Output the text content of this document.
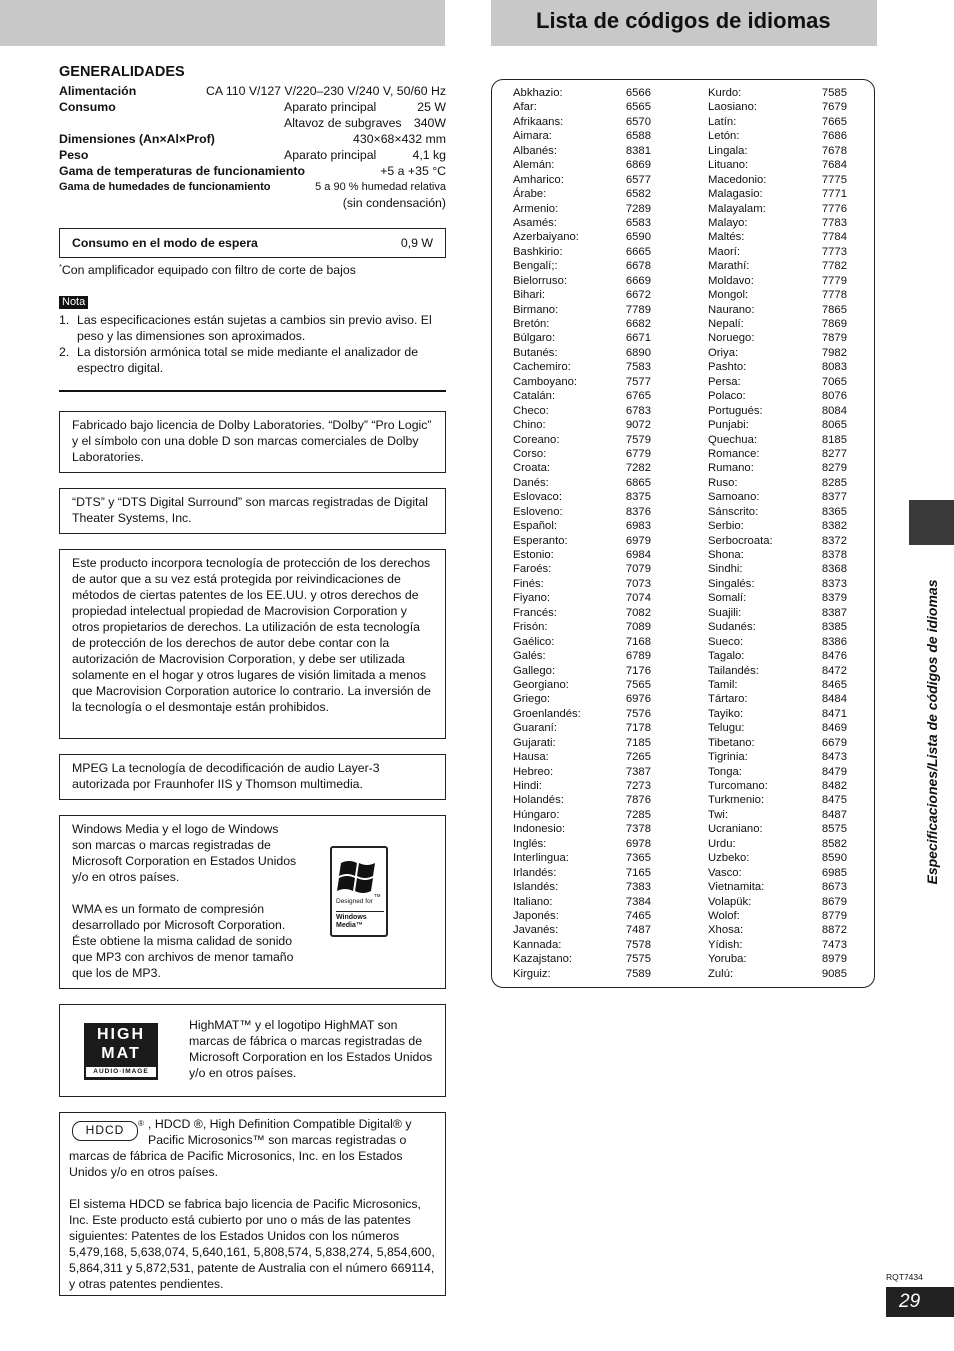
Lista de códigos de idiomas
GENERALIDADES
Alimentación	CA 110 V/127 V/220–230 V/240 V, 50/60 Hz
Consumo	Aparato principal	25 W
Altavoz de subgraves 340W
Dimensiones (An×Al×Prof)	430×68×432 mm
Peso	Aparato principal	4,1 kg
Gama de temperaturas de funcionamiento	+5 a +35 °C
Gama de humedades de funcionamiento	5 a 90 % humedad relativa
(sin condensación)
Consumo en el modo de espera	0,9 W
*Con amplificador equipado con filtro de corte de bajos
Nota
1. Las especificaciones están sujetas a cambios sin previo aviso. El peso y las dimensiones son aproximados.
2. La distorsión armónica total se mide mediante el analizador de espectro digital.
Fabricado bajo licencia de Dolby Laboratories. “Dolby” “Pro Logic” y el símbolo con una doble D son marcas comerciales de Dolby Laboratories.
“DTS” y “DTS Digital Surround” son marcas registradas de Digital Theater Systems, Inc.
Este producto incorpora tecnología de protección de los derechos de autor que a su vez está protegida por reivindicaciones de métodos de ciertas patentes de los EE.UU. y otros derechos de propiedad intelectual propiedad de Macrovision Corporation y otros propietarios de derechos. La utilización de esta tecnología de protección de los derechos de autor debe contar con la autorización de Macrovision Corporation, y debe ser utilizada solamente en el hogar y otros lugares de visión limitada a menos que Macrovision Corporation autorice lo contrario. La inversión de la tecnología o el desmontaje están prohibidos.
MPEG La tecnología de decodificación de audio Layer-3 autorizada por Fraunhofer IIS y Thomson multimedia.
Windows Media y el logo de Windows son marcas o marcas registradas de Microsoft Corporation en Estados Unidos y/o en otros países.
WMA es un formato de compresión desarrollado por Microsoft Corporation. Éste obtiene la misma calidad de sonido que MP3 con archivos de menor tamaño que los de MP3.
TM
Designed for
Windows
Media™
HIGH
MAT
AUDIO·IMAGE
HighMAT™ y el logotipo HighMAT son marcas de fábrica o marcas registradas de Microsoft Corporation en los Estados Unidos y/o en otros países.
HDCD	® , HDCD ®, High Definition Compatible Digital® y Pacific Microsonics™ son marcas registradas o
marcas de fábrica de Pacific Microsonics, Inc. en los Estados Unidos y/o en otros países.
El sistema HDCD se fabrica bajo licencia de Pacific Microsonics, Inc. Este producto está cubierto por uno o más de las patentes siguientes: Patentes de los Estados Unidos con los números 5,479,168, 5,638,074, 5,640,161, 5,808,574, 5,838,274, 5,854,600, 5,864,311 y 5,872,531, patente de Australia con el número 669114, y otras patentes pendientes.
Abkhazio:	6566
Afar:	6565
Afrikaans:	6570
Aimara:	6588
Albanés:	8381
Alemán:	6869
Amharico:	6577
Árabe:	6582
Armenio:	7289
Asamés:	6583
Azerbaiyano:	6590
Bashkirio:	6665
Bengalí;:	6678
Bielorruso:	6669
Bihari:	6672
Birmano:	7789
Bretón:	6682
Búlgaro:	6671
Butanés:	6890
Cachemiro:	7583
Camboyano:	7577
Catalán:	6765
Checo:	6783
Chino:	9072
Coreano:	7579
Corso:	6779
Croata:	7282
Danés:	6865
Eslovaco:	8375
Esloveno:	8376
Español:	6983
Esperanto:	6979
Estonio:	6984
Faroés:	7079
Finés:	7073
Fiyano:	7074
Francés:	7082
Frisón:	7089
Gaélico:	7168
Galés:	6789
Gallego:	7176
Georgiano:	7565
Griego:	6976
Groenlandés:	7576
Guaraní:	7178
Gujarati:	7185
Hausa:	7265
Hebreo:	7387
Hindi:	7273
Holandés:	7876
Húngaro:	7285
Indonesio:	7378
Inglés:	6978
Interlingua:	7365
Irlandés:	7165
Islandés:	7383
Italiano:	7384
Japonés:	7465
Javanés:	7487
Kannada:	7578
Kazajstano:	7575
Kirguiz:	7589
Kurdo:	7585
Laosiano:	7679
Latín:	7665
Letón:	7686
Lingala:	7678
Lituano:	7684
Macedonio:	7775
Malagasio:	7771
Malayalam:	7776
Malayo:	7783
Maltés:	7784
Maorí:	7773
Marathí:	7782
Moldavo:	7779
Mongol:	7778
Naurano:	7865
Nepalí:	7869
Noruego:	7879
Oriya:	7982
Pashto:	8083
Persa:	7065
Polaco:	8076
Portugués:	8084
Punjabi:	8065
Quechua:	8185
Romance:	8277
Rumano:	8279
Ruso:	8285
Samoano:	8377
Sánscrito:	8365
Serbio:	8382
Serbocroata:	8372
Shona:	8378
Sindhi:	8368
Singalés:	8373
Somalí:	8379
Suajili:	8387
Sudanés:	8385
Sueco:	8386
Tagalo:	8476
Tailandés:	8472
Tamil:	8465
Tártaro:	8484
Tayiko:	8471
Telugu:	8469
Tibetano:	6679
Tigrinia:	8473
Tonga:	8479
Turcomano:	8482
Turkmenio:	8475
Twi:	8487
Ucraniano:	8575
Urdu:	8582
Uzbeko:	8590
Vasco:	6985
Vietnamita:	8673
Volapük:	8679
Wolof:	8779
Xhosa:	8872
Yídish:	7473
Yoruba:	8979
Zulú:	9085
Especificaciones/Lista de códigos de idiomas
RQT7434
29
